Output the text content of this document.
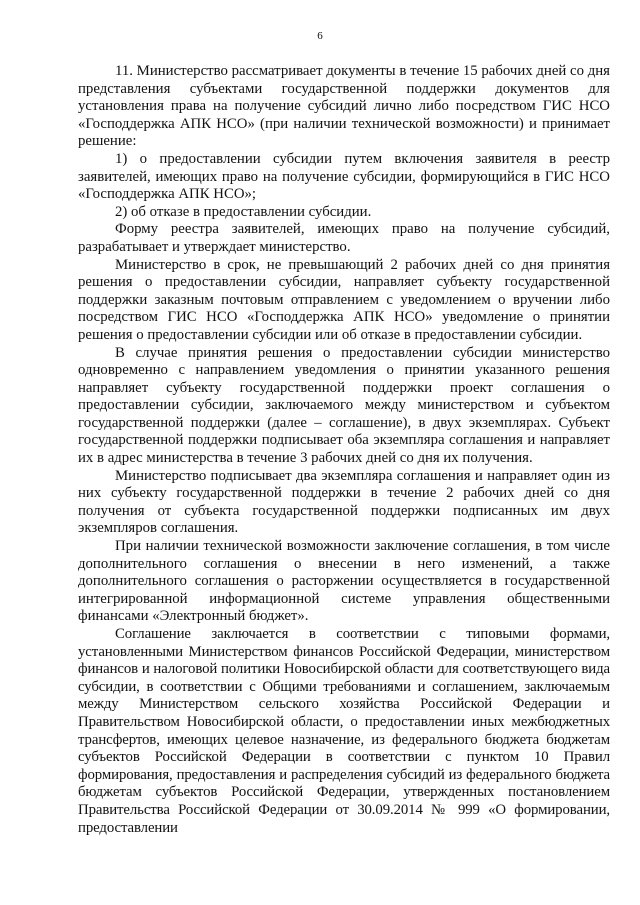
6

11. Министерство рассматривает документы в течение 15 рабочих дней со дня представления субъектами государственной поддержки документов для установления права на получение субсидий лично либо посредством ГИС НСО «Господдержка АПК НСО» (при наличии технической возможности) и принимает решение:

1) о предоставлении субсидии путем включения заявителя в реестр заявителей, имеющих право на получение субсидии, формирующийся в ГИС НСО «Господдержка АПК НСО»;

2) об отказе в предоставлении субсидии.

Форму реестра заявителей, имеющих право на получение субсидий, разрабатывает и утверждает министерство.

Министерство в срок, не превышающий 2 рабочих дней со дня принятия решения о предоставлении субсидии, направляет субъекту государственной поддержки заказным почтовым отправлением с уведомлением о вручении либо посредством ГИС НСО «Господдержка АПК НСО» уведомление о принятии решения о предоставлении субсидии или об отказе в предоставлении субсидии.

В случае принятия решения о предоставлении субсидии министерство одновременно с направлением уведомления о принятии указанного решения направляет субъекту государственной поддержки проект соглашения о предоставлении субсидии, заключаемого между министерством и субъектом государственной поддержки (далее – соглашение), в двух экземплярах. Субъект государственной поддержки подписывает оба экземпляра соглашения и направляет их в адрес министерства в течение 3 рабочих дней со дня их получения.

Министерство подписывает два экземпляра соглашения и направляет один из них субъекту государственной поддержки в течение 2 рабочих дней со дня получения от субъекта государственной поддержки подписанных им двух экземпляров соглашения.

При наличии технической возможности заключение соглашения, в том числе дополнительного соглашения о внесении в него изменений, а также дополнительного соглашения о расторжении осуществляется в государственной интегрированной информационной системе управления общественными финансами «Электронный бюджет».

Соглашение заключается в соответствии с типовыми формами, установленными Министерством финансов Российской Федерации, министерством финансов и налоговой политики Новосибирской области для соответствующего вида субсидии, в соответствии с Общими требованиями и соглашением, заключаемым между Министерством сельского хозяйства Российской Федерации и Правительством Новосибирской области, о предоставлении иных межбюджетных трансфертов, имеющих целевое назначение, из федерального бюджета бюджетам субъектов Российской Федерации в соответствии с пунктом 10 Правил формирования, предоставления и распределения субсидий из федерального бюджета бюджетам субъектов Российской Федерации, утвержденных постановлением Правительства Российской Федерации от 30.09.2014 № 999 «О формировании, предоставлении
